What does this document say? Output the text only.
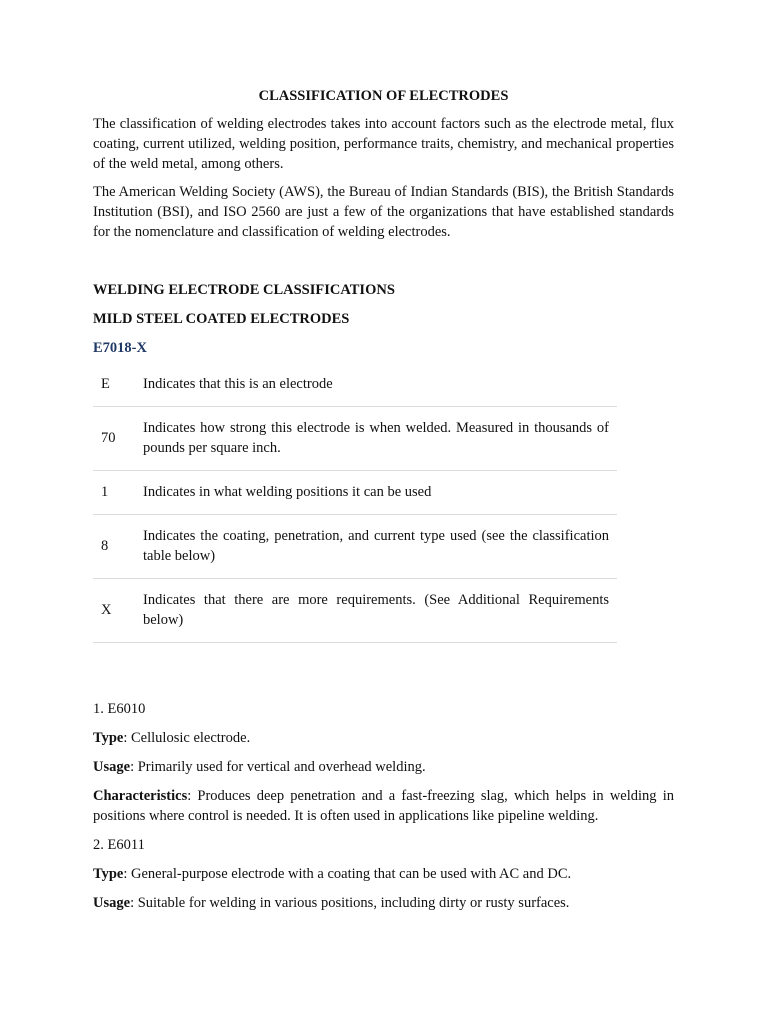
CLASSIFICATION OF ELECTRODES

The classification of welding electrodes takes into account factors such as the electrode metal, flux coating, current utilized, welding position, performance traits, chemistry, and mechanical properties of the weld metal, among others.

The American Welding Society (AWS), the Bureau of Indian Standards (BIS), the British Standards Institution (BSI), and ISO 2560 are just a few of the organizations that have established standards for the nomenclature and classification of welding electrodes.

WELDING ELECTRODE CLASSIFICATIONS
MILD STEEL COATED ELECTRODES
E7018-X
E	Indicates that this is an electrode
70	Indicates how strong this electrode is when welded. Measured in thousands of pounds per square inch.
1	Indicates in what welding positions it can be used
8	Indicates the coating, penetration, and current type used (see the classification table below)
X	Indicates that there are more requirements. (See Additional Requirements below)

1. E6010

Type: Cellulosic electrode.

Usage: Primarily used for vertical and overhead welding.

Characteristics: Produces deep penetration and a fast-freezing slag, which helps in welding in positions where control is needed. It is often used in applications like pipeline welding.

2. E6011

Type: General-purpose electrode with a coating that can be used with AC and DC.

Usage: Suitable for welding in various positions, including dirty or rusty surfaces.
